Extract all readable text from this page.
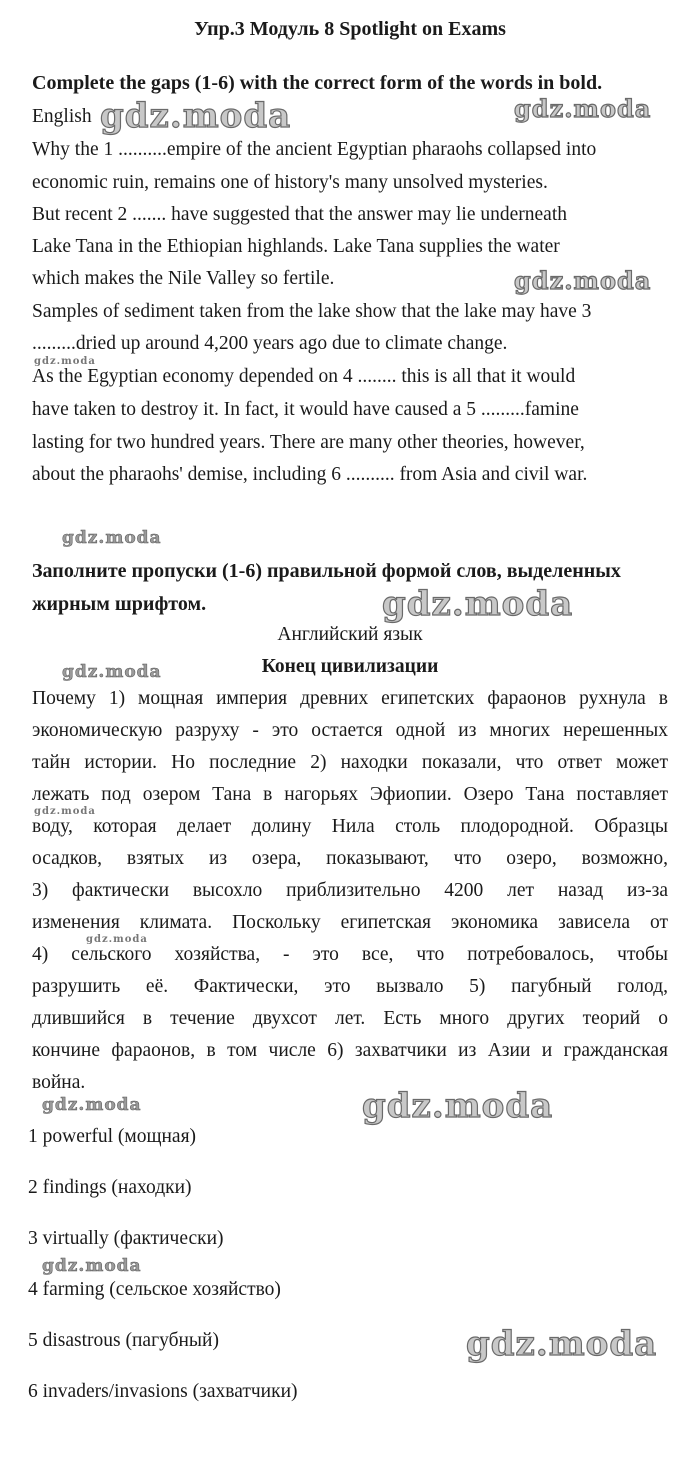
Упр.3 Модуль 8 Spotlight on Exams
Complete the gaps (1-6) with the correct form of the words in bold.
English
Why the 1 ..........empire of the ancient Egyptian pharaohs collapsed into
economic ruin, remains one of history's many unsolved mysteries.
But recent 2 ....... have suggested that the answer may lie underneath
Lake Tana in the Ethiopian highlands. Lake Tana supplies the water
which makes the Nile Valley so fertile.
Samples of sediment taken from the lake show that the lake may have 3
.........dried up around 4,200 years ago due to climate change.
As the Egyptian economy depended on 4 ........ this is all that it would
have taken to destroy it. In fact, it would have caused a 5 .........famine
lasting for two hundred years. There are many other theories, however,
about the pharaohs' demise, including 6 .......... from Asia and civil war.
Заполните пропуски (1-6) правильной формой слов, выделенных
жирным шрифтом.
Английский язык
Конец цивилизации
Почему 1) мощная империя древних египетских фараонов рухнула в
экономическую разруху - это остается одной из многих нерешенных
тайн истории. Но последние 2) находки показали, что ответ может
лежать под озером Тана в нагорьях Эфиопии. Озеро Тана поставляет
воду, которая делает долину Нила столь плодородной. Образцы
осадков, взятых из озера, показывают, что озеро, возможно,
3) фактически высохло приблизительно 4200 лет назад из-за
изменения климата. Поскольку египетская экономика зависела от
4) сельского хозяйства, - это все, что потребовалось, чтобы
разрушить её. Фактически, это вызвало 5) пагубный голод,
длившийся в течение двухсот лет. Есть много других теорий о
кончине фараонов, в том числе 6) захватчики из Азии и гражданская
война.
1 powerful (мощная)
2 findings (находки)
3 virtually (фактически)
4 farming (сельское хозяйство)
5 disastrous (пагубный)
6 invaders/invasions (захватчики)
gdz.moda	gdz.moda
gdz.moda
gdz.moda
gdz.moda
gdz.moda
gdz.moda
gdz.moda
gdz.moda
gdz.moda
gdz.moda
gdz.moda
gdz.moda
